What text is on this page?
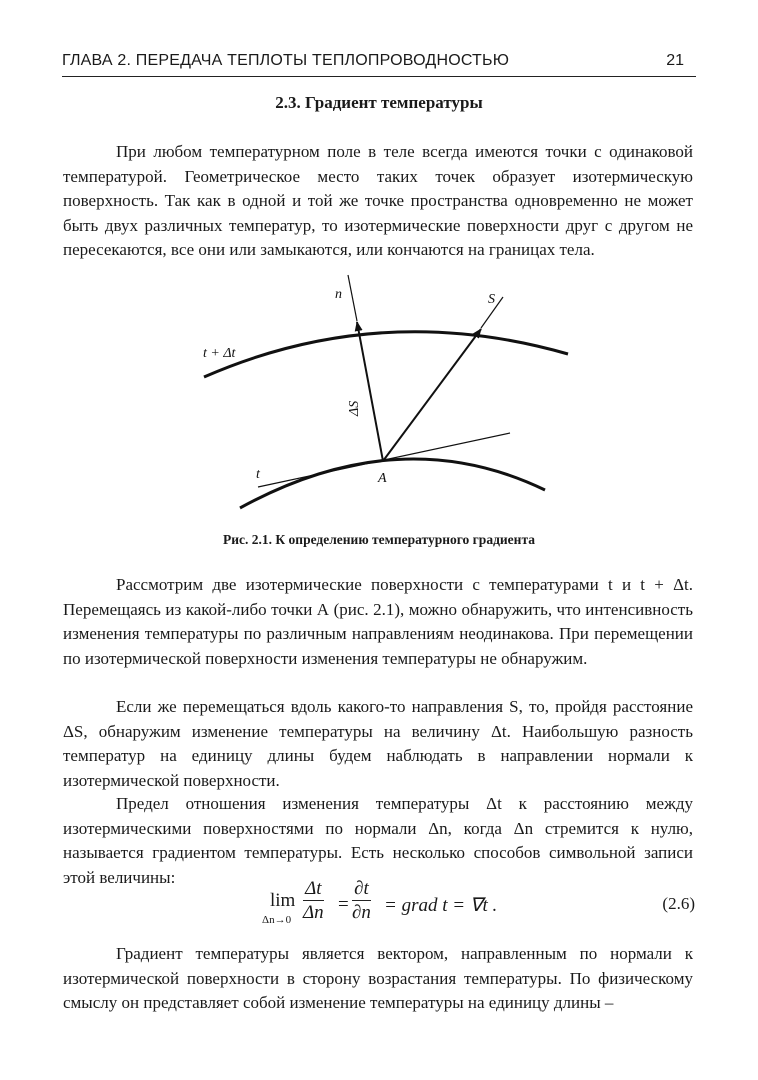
ГЛАВА 2. ПЕРЕДАЧА ТЕПЛОТЫ ТЕПЛОПРОВОДНОСТЬЮ	21
2.3. Градиент температуры

При любом температурном поле в теле всегда имеются точки с одинаковой температурой. Геометрическое место таких точек образует изотермическую поверхность. Так как в одной и той же точке пространства одновременно не может быть двух различных температур, то изотермические поверхности друг с другом не пересекаются, все они или замыкаются, или кончаются на границах тела.

n	S
t + Δt
ΔS
t	A
Рис. 2.1. К определению температурного градиента

Рассмотрим две изотермические поверхности с температурами t и t + Δt. Перемещаясь из какой-либо точки А (рис. 2.1), можно обнаружить, что интенсивность изменения температуры по различным направлениям неодинакова. При перемещении по изотермической поверхности изменения температуры не обнаружим.

Если же перемещаться вдоль какого-то направления S, то, пройдя расстояние ΔS, обнаружим изменение температуры на величину Δt. Наибольшую разность температур на единицу длины будем наблюдать в направлении нормали к изотермической поверхности.

Предел отношения изменения температуры Δt к расстоянию между изотермическими поверхностями по нормали Δn, когда Δn стремится к нулю, называется градиентом температуры. Есть несколько способов символьной записи этой величины:

lim
$\Delta n\to 0 \frac{\Delta t}{\Delta n} = \frac{\partial t}{\partial n}$ = grad t = ∇t .	(2.6)

Градиент температуры является вектором, направленным по нормали к изотермической поверхности в сторону возрастания температуры. По физическому смыслу он представляет собой изменение температуры на единицу длины –
